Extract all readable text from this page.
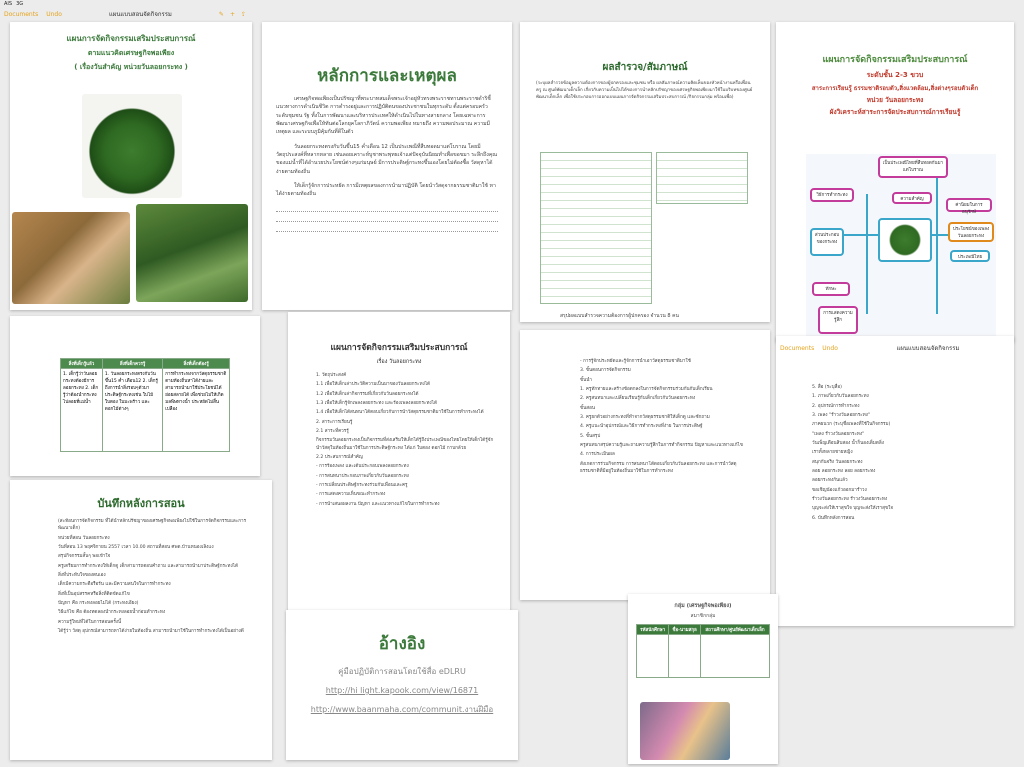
AIS 3G
Documents Undo	แผนแบบสอนจัดกิจกรรม	✎ + ⇪
แผนการจัดกิจกรรมเสริมประสบการณ์
ตามแนวคิดเศรษฐกิจพอเพียง
( เรื่องวันสำคัญ หน่วยวันลอยกระทง )	หลักการและเหตุผล
เศรษฐกิจพอเพียงเป็นปรัชญาที่พระบาทสมเด็จพระเจ้าอยู่หัวทรงพระราชทานพระราชดำริชี้แนวทางการดำเนินชีวิต การดำรงอยู่และการปฏิบัติตนของประชาชนในทุกระดับ ตั้งแต่ครอบครัว ระดับชุมชน รัฐ ทั้งในการพัฒนาและบริหารประเทศให้ดำเนินไปในทางสายกลาง โดยเฉพาะการพัฒนาเศรษฐกิจเพื่อให้ทันต่อโลกยุคโลกาภิวัตน์ ความพอเพียง หมายถึง ความพอประมาณ ความมีเหตุผล และระบบภูมิคุ้มกันที่ดีในตัว
วันลอยกระทงตรงกับวันขึ้น15 ค่ำเดือน 12 เป็นประเพณีที่สืบทอดมาแต่โบราณ โดยมีวัตถุประสงค์ที่หลากหลาย เช่นลอยเคราะห์บูชาพระพุทธเจ้าแต่ปัจจุบันนิยมทำเพื่อขอขมา ระลึกถึงคุณของแม่น้ำที่ได้อำนวยประโยชน์ต่างๆแก่มนุษย์ มีการประดิษฐ์กระทงขึ้นเองโดยไม่ต้องซื้อ วัสดุหาได้ง่ายตามท้องถิ่น
ให้เด็กรู้จักการประหยัด การมีเหตุผลของการนำมาปฏิบัติ โดยนำวัสดุจากธรรมชาติมาใช้ หาได้ง่ายตามท้องถิ่น
ผลสำรวจ/สัมภาษณ์
(ระบุผลสำรวจข้อมูลความต้องการของผู้ปกครองและชุมชน หรือ ผลสัมภาษณ์ความคิดเห็นของหัวหน้างานหรือเพื่อนครู ณ ศูนย์พัฒนาเด็กเล็ก เกี่ยวกับความเป็นไปได้ของการนำหลักปรัชญาของเศรษฐกิจพอเพียงมาใช้ในบริบทของศูนย์พัฒนาเด็กเล็ก เพื่อใช้ประกอบการออกแบบแผนการจัดกิจกรรมเสริมประสบการณ์ /กิจกรรมกลุ่ม พร้อมเพื่อ)
สรุปผลแบบสำรวจความต้องการผู้ปกครอง จำนวน 8 คน
แผนการจัดกิจกรรมเสริมประสบการณ์
ระดับชั้น 2-3 ขวบ
สาระการเรียนรู้ ธรรมชาติรอบตัว,สิ่งแวดล้อม,สิ่งต่างๆรอบตัวเด็ก
หน่วย วันลอยกระทง
ผังวิเคราะห์สาระการจัดประสบการณ์การเรียนรู้
เป็นประเพณีไทยที่สืบทอดกันมาแต่โบราณ
วิธีการทำกระทง
ความสำคัญ
ค่านิยมในการอนุรักษ์
ประโยชน์ของเพลงวันลอยกระทง
ส่วนประกอบของกระทง
ประเพณีไทย
ทักษะ
การแสดงความรู้สึก
สิ่งที่เด็กรู้แล้ว	สิ่งที่เด็กควรรู้	สิ่งที่เด็กต้องรู้
1. เด็กรู้ว่าวันลอยกระทงต้องมีการลอยกระทง 2. เด็กรู้ว่าต้องนำกระทงไปลอยที่แม่น้ำ	1. วันลอยกระทงตรงกับวันขึ้น15 ค่ำ เดือน12 2. เด็กรู้ถึงการนำสิ่งรอบๆตัวมาประดิษฐ์กระทงเช่น ใบไม้ ใบตอง ใบมะพร้าว และดอกไม้ต่างๆ	การทำกระทงจากวัสดุธรรมชาติตามท้องถิ่นหาได้ง่ายและสามารถนำมาใช้ประโยชน์ได้ ย่อยสลายได้ เพื่อช่วยไม่ให้เกิดมลพิษทางน้ำ ประหยัดไม่สิ้นเปลือง
แผนการจัดกิจกรรมเสริมประสบการณ์
เรื่อง วันลอยกระทง
1. วัตถุประสงค์
1.1 เพื่อให้เด็กเล่าประวัติความเป็นมาของวันลอยกระทงได้
1.2 เพื่อให้เด็กเล่ากิจกรรมที่เกี่ยวกับวันลอยกระทงได้
1.3 เพื่อให้เด็กรู้จักเพลงลอยกระทง และร้องเพลงลอยกระทงได้
1.4 เพื่อให้เด็กได้สนทนาโต้ตอบเกี่ยวกับการนำวัสดุธรรมชาติมาใช้ในการทำกระทงได้
2. สาระการเรียนรู้
2.1 สาระที่ควรรู้
กิจกรรมวันลอยกระทงเป็นกิจกรรมที่ส่งเสริมให้เด็กได้รู้ถึงประเพณีของไทยโดยให้เด็กได้รู้จักนำวัสดุในท้องถิ่นมาใช้ในการประดิษฐ์กระทง ได้แก่ ใบตอง ดอกไม้ กาบกล้วย
2.2 ประสบการณ์สำคัญ
- การร้องเพลง และเต้นประกอบเพลงลอยกระทง
- การสนทนาประกอบภาพเกี่ยวกับวันลอยกระทง
- การเปลี่ยนประดิษฐ์กระทงร่วมกับเพื่อนและครู
- การแสดงความเห็นขณะทำกระทง
- การนำเสนอผลงาน ปัญหา และแนวทางแก้ไขในการทำกระทง
- การรู้จักประหยัดและรู้จักการนำเอาวัสดุธรรมชาติมาใช้
3. ขั้นตอนการจัดกิจกรรม
ขั้นนำ
1. ครูทักทายและสร้างข้อตกลงในการจัดกิจกรรมร่วมกันกับเด็กเรียน
2. ครูสนทนาและเปลี่ยนเรียนรู้กับเด็กเกี่ยวกับวันลอยกระทง
ขั้นสอน
3. ครูยกตัวอย่างกระทงที่ทำจากวัสดุธรรมชาติให้เด็กดู และซักถาม
4. ครูแนะนำอุปกรณ์และวิธีการทำกระทงที่ง่าย ในการประดิษฐ์
5. ขั้นสรุป
ครูสนทนาสรุปความรู้และถามความรู้สึกในการทำกิจกรรม ปัญหาและแนวทางแก้ไข
4. การประเมินผล
สังเกตการร่วมกิจกรรม การสนทนาโต้ตอบเกี่ยวกับวันลอยกระทง และการนำวัสดุธรรมชาติที่มีอยู่ในท้องถิ่นมาใช้ในการทำกระทง
Documents Undo	แผนแบบสอนจัดกิจกรรม
5. สื่อ (ระบุสื่อ)
1. ภาพเกี่ยวกับวันลอยกระทง
2. อุปกรณ์การทำกระทง
3. เพลง "รำวงวันลอยกระทง"
ภาคผนวก (ระบุชื่อเพลงที่ใช้ในกิจกรรม)
"เพลง รำวงวันลอยกระทง"
วันเพ็ญเดือนสิบสอง น้ำก็นองเต็มตลิ่ง
เราทั้งหลายชายหญิง
สนุกกันจริง วันลอยกระทง
ลอย ลอยกระทง ลอย ลอยกระทง
ลอยกระทงกันแล้ว
ขอเชิญน้องแก้วออกมารำวง
รำวงวันลอยกระทง รำวงวันลอยกระทง
บุญจะส่งให้เราสุขใจ บุญจะส่งให้เราสุขใจ
6. บันทึกหลังการสอน
บันทึกหลังการสอน
(สะท้อนการจัดกิจกรรม ที่ได้นำหลักปรัชญาของเศรษฐกิจพอเพียงไปใช้ในการจัดกิจกรรมและการพัฒนาเด็ก)
หน่วยที่สอน วันลอยกระทง
วันที่สอน 13 พฤศจิกายน 2557 เวลา 10.00 สถานที่สอน ศพด.บ้านหนองเลิงแง
สรุปกิจกรรมสั้นๆ พอเข้าใจ
ครูเตรียมการทำกระทงให้เด็กดู เด็กสามารถตอบคำถาม และสามารถนำมาประดิษฐ์กระทงได้
สิ่งที่ประทับใจของตนเอง
เด็กมีความกระตือรือร้น และมีความสนใจในการทำกระทง
สิ่งที่เป็นอุปสรรคหรือสิ่งที่ติดขัดแก้ไข
ปัญหา คือ กระทงลอยไม่ได้ (กระทงเอียง)
วิธีแก้ไข คือ ต้องทดลองนำกระทงลอยน้ำก่อนทำกระทง
ความรู้ใหม่ที่ได้ในการสอนครั้งนี้
ได้รู้ว่า วัสดุ อุปกรณ์สามารถหาได้ง่ายในท้องถิ่น สามารถนำมาใช้ในการทำกระทงได้เป็นอย่างดี
อ้างอิง
คู่มือปฏิบัติการสอนโดยใช้สื่อ eDLRU
http://hi light.kapook.com/view/16871
http://www.baanmaha.com/communit.งานฝีมือ
กลุ่ม (เศรษฐกิจพอเพียง)
สมาชิกกลุ่ม
รหัสนักศึกษา	ชื่อ-นามสกุล	สถานศึกษา/ศูนย์พัฒนาเด็กเล็ก
